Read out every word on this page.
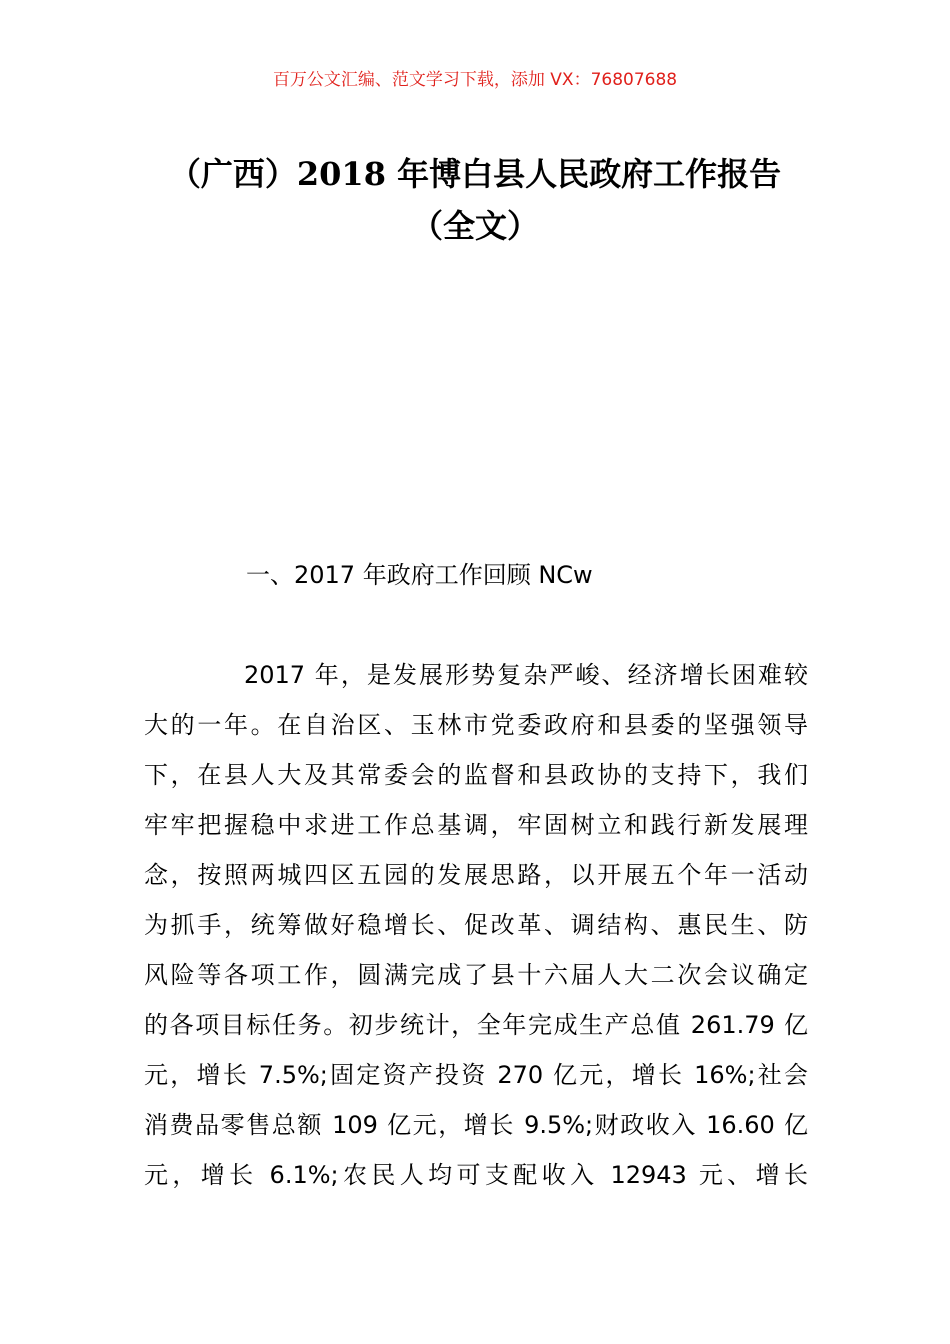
百万公文汇编、范文学习下载，添加 VX：76807688
（广西）2018 年博白县人民政府工作报告
（全文）
一、2017 年政府工作回顾 NCw
2017 年，是发展形势复杂严峻、经济增长困难较
大的一年。在自治区、玉林市党委政府和县委的坚强领导
下，在县人大及其常委会的监督和县政协的支持下，我们
牢牢把握稳中求进工作总基调，牢固树立和践行新发展理
念，按照两城四区五园的发展思路，以开展五个年一活动
为抓手，统筹做好稳增长、促改革、调结构、惠民生、防
风险等各项工作，圆满完成了县十六届人大二次会议确定
的各项目标任务。初步统计，全年完成生产总值 261.79 亿
元，增长 7.5%;固定资产投资 270 亿元，增长 16%;社会
消费品零售总额 109 亿元，增长 9.5%;财政收入 16.60 亿
元，增长 6.1%;农民人均可支配收入 12943 元、增长
